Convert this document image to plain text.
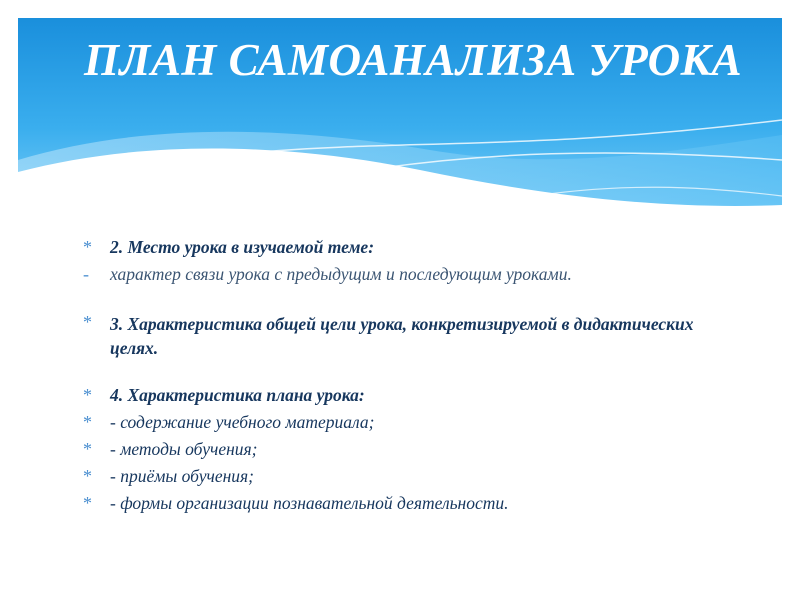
ПЛАН САМОАНАЛИЗА УРОКА
*	2. Место урока в изучаемой теме:
-	характер связи урока с предыдущим и последующим уроками.
*	3. Характеристика общей цели урока, конкретизируемой в дидактических целях.
*	4. Характеристика плана урока:
*	- содержание учебного материала;
*	- методы обучения;
*	- приёмы обучения;
*	- формы организации познавательной деятельности.
